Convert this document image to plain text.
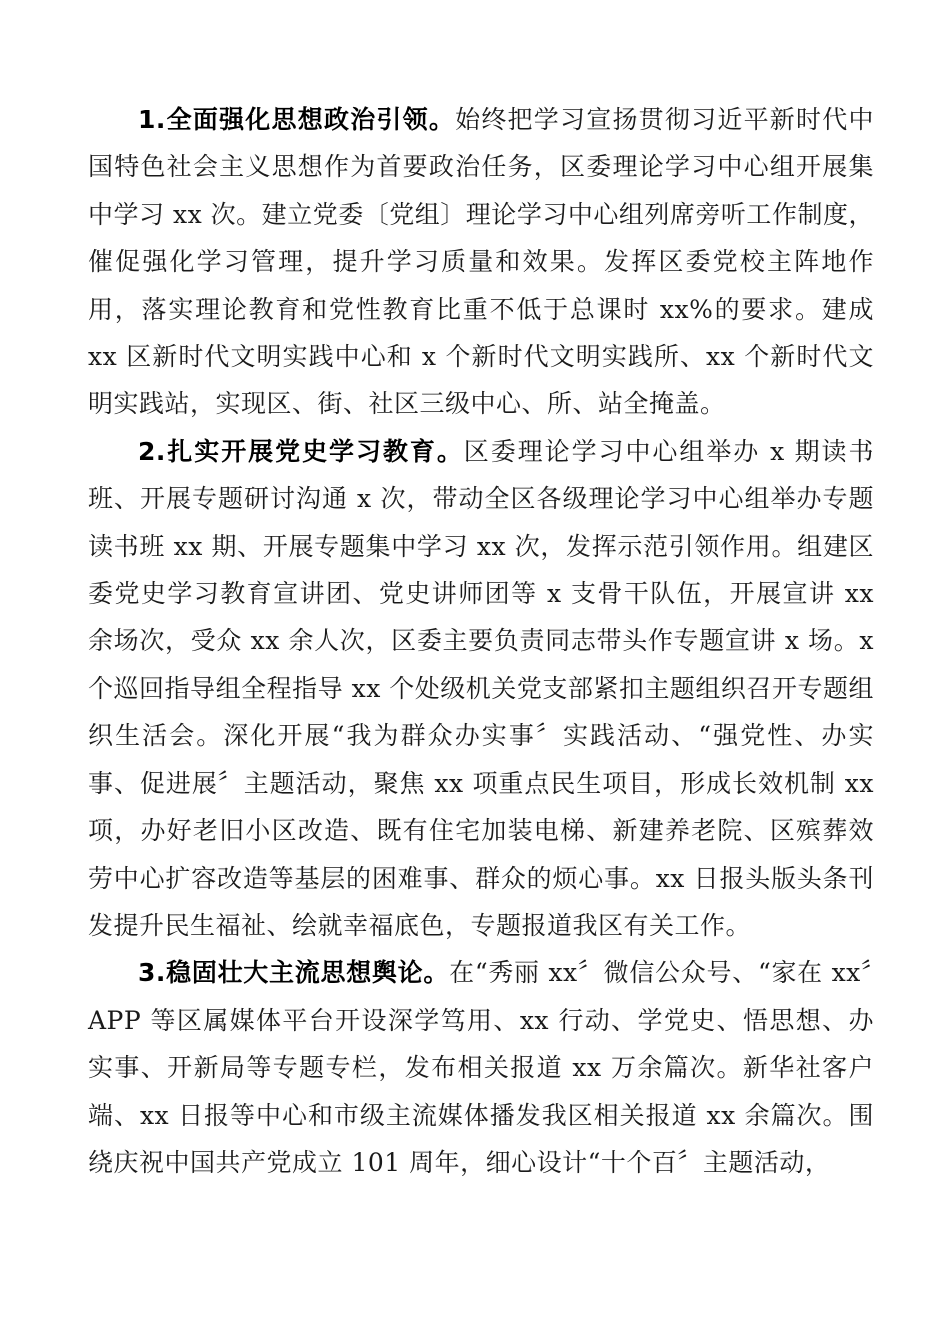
1.全面强化思想政治引领。始终把学习宣扬贯彻习近平新时代中国特色社会主义思想作为首要政治任务，区委理论学习中心组开展集中学习 xx 次。建立党委〔党组〕理论学习中心组列席旁听工作制度，催促强化学习管理，提升学习质量和效果。发挥区委党校主阵地作用，落实理论教育和党性教育比重不低于总课时 xx%的要求。建成 xx 区新时代文明实践中心和 x 个新时代文明实践所、xx 个新时代文明实践站，实现区、街、社区三级中心、所、站全掩盖。

2.扎实开展党史学习教育。区委理论学习中心组举办 x 期读书班、开展专题研讨沟通 x 次，带动全区各级理论学习中心组举办专题读书班 xx 期、开展专题集中学习 xx 次，发挥示范引领作用。组建区委党史学习教育宣讲团、党史讲师团等 x 支骨干队伍，开展宣讲 xx 余场次，受众 xx 余人次，区委主要负责同志带头作专题宣讲 x 场。x 个巡回指导组全程指导 xx 个处级机关党支部紧扣主题组织召开专题组织生活会。深化开展“我为群众办实事〞实践活动、“强党性、办实事、促进展〞主题活动，聚焦 xx 项重点民生项目，形成长效机制 xx 项，办好老旧小区改造、既有住宅加装电梯、新建养老院、区殡葬效劳中心扩容改造等基层的困难事、群众的烦心事。xx 日报头版头条刊发提升民生福祉、绘就幸福底色，专题报道我区有关工作。

3.稳固壮大主流思想舆论。在“秀丽 xx〞微信公众号、“家在 xx〞APP 等区属媒体平台开设深学笃用、xx 行动、学党史、悟思想、办实事、开新局等专题专栏，发布相关报道 xx 万余篇次。新华社客户端、xx 日报等中心和市级主流媒体播发我区相关报道 xx 余篇次。围绕庆祝中国共产党成立 101 周年，细心设计“十个百〞主题活动，
